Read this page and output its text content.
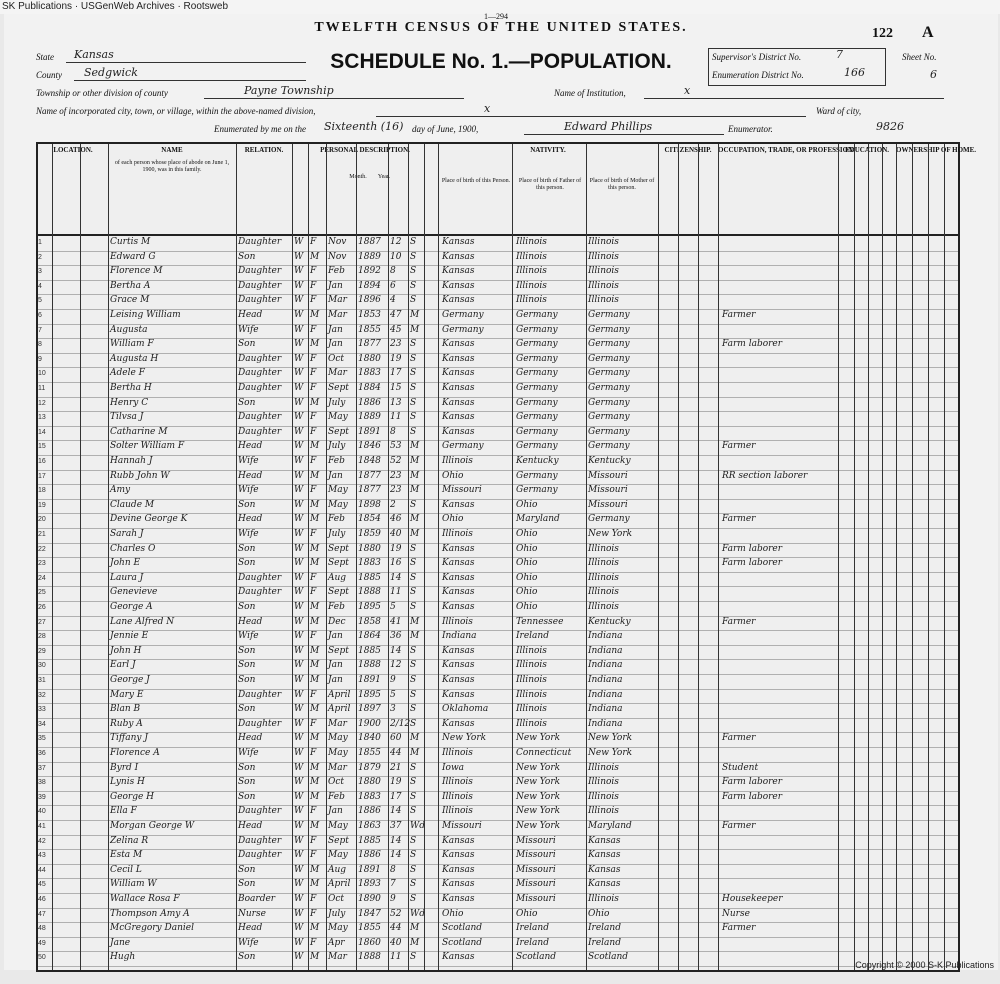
SK Publications · USGenWeb Archives · Rootsweb
1—294
TWELFTH CENSUS OF THE UNITED STATES.	122 A
SCHEDULE No. 1.—POPULATION.
State Kansas
County Sedgwick
Supervisor's District No.	7
Enumeration District No.	166
Sheet No.
6
Township or other division of county	Payne Township	Name of Institution,	x
Name of incorporated city, town, or village, within the above-named division,	x	Ward of city,
9826
Enumerated by me on the Sixteenth (16) day of June, 1900,	Edward Phillips	Enumerator.
LOCATION.	NAME
of each person whose place of abode on June 1, 1900, was in this family.
RELATION.	PERSONAL DESCRIPTION.
Month.	Year.
NATIVITY.
Place of birth of this Person.	Place of birth of Father of this person.
Place of birth of Mother of this person.
CITIZENSHIP. OCCUPATION, TRADE, OR PROFESSION
EDUCATION.	OWNERSHIP OF HOME.
1	Curtis M	Daughter	W F	Nov	1887	12 S	Kansas	Illinois	Illinois
2	Edward G	Son	W M Nov	1889	10 S	Kansas	Illinois	Illinois
3	Florence M	Daughter	W F	Feb	1892	8	S	Kansas	Illinois	Illinois
4	Bertha A	Daughter	W F	Jan	1894	6	S	Kansas	Illinois	Illinois
5	Grace M	Daughter	W F	Mar	1896	4	S	Kansas	Illinois	Illinois
6	Leising William	Head	W M Mar	1853	47 M	Germany	Germany	Germany	Farmer
7	Augusta	Wife	W F	Jan	1855	45 M	Germany	Germany	Germany
8	William F	Son	W M Jan	1877	23 S	Kansas	Germany	Germany	Farm laborer
9	Augusta H	Daughter	W F	Oct	1880	19 S	Kansas	Germany	Germany
10	Adele F	Daughter	W F	Mar	1883	17 S	Kansas	Germany	Germany
11	Bertha H	Daughter	W F	Sept	1884	15 S	Kansas	Germany	Germany
12	Henry C	Son	W M July	1886	13 S	Kansas	Germany	Germany
13	Tilvsa J	Daughter	W F	May	1889	11 S	Kansas	Germany	Germany
14	Catharine M	Daughter	W F	Sept	1891	8	S	Kansas	Germany	Germany
15	Solter William F	Head	W M July	1846	53 M	Germany	Germany	Germany	Farmer
16	Hannah J	Wife	W F	Feb	1848	52 M	Illinois	Kentucky	Kentucky
17	Rubb John W	Head	W M Jan	1877	23 M	Ohio	Germany	Missouri	RR section laborer
18	Amy	Wife	W F	May	1877	23 M	Missouri	Germany	Missouri
19	Claude M	Son	W M May	1898	2	S	Kansas	Ohio	Missouri
20	Devine George K	Head	W M Feb	1854	46 M	Ohio	Maryland	Germany	Farmer
21	Sarah J	Wife	W F	July	1859	40 M	Illinois	Ohio	New York
22	Charles O	Son	W M Sept	1880	19 S	Kansas	Ohio	Illinois	Farm laborer
23	John E	Son	W M Sept	1883	16 S	Kansas	Ohio	Illinois	Farm laborer
24	Laura J	Daughter	W F	Aug	1885	14 S	Kansas	Ohio	Illinois
25	Genevieve	Daughter	W F	Sept	1888	11 S	Kansas	Ohio	Illinois
26	George A	Son	W M Feb	1895	5	S	Kansas	Ohio	Illinois
27	Lane Alfred N	Head	W M Dec	1858	41 M	Illinois	Tennessee	Kentucky	Farmer
28	Jennie E	Wife	W F	Jan	1864	36 M	Indiana	Ireland	Indiana
29	John H	Son	W M Sept	1885	14 S	Kansas	Illinois	Indiana
30	Earl J	Son	W M Jan	1888	12 S	Kansas	Illinois	Indiana
31	George J	Son	W M Jan	1891	9	S	Kansas	Illinois	Indiana
32	Mary E	Daughter	W F	April 1895	5	S	Kansas	Illinois	Indiana
33	Blan B	Son	W M April 1897	3	S	Oklahoma	Illinois	Indiana
34	Ruby A	Daughter	W F	Mar	1900	2/12 S	Kansas	Illinois	Indiana
35	Tiffany J	Head	W M May	1840	60 M	New York	New York	New York	Farmer
36	Florence A	Wife	W F	May	1855	44 M	Illinois	Connecticut	New York
37	Byrd I	Son	W M Mar	1879	21 S	Iowa	New York	Illinois	Student
38	Lynis H	Son	W M Oct	1880	19 S	Illinois	New York	Illinois	Farm laborer
39	George H	Son	W M Feb	1883	17 S	Illinois	New York	Illinois	Farm laborer
40	Ella F	Daughter	W F	Jan	1886	14 S	Illinois	New York	Illinois
41	Morgan George W	Head	W M May	1863	37 Wd Missouri	New York	Maryland	Farmer
42	Zelina R	Daughter	W F	Sept	1885	14 S	Kansas	Missouri	Kansas
43	Esta M	Daughter	W F	May	1886	14 S	Kansas	Missouri	Kansas
44	Cecil L	Son	W M Aug	1891	8	S	Kansas	Missouri	Kansas
45	William W	Son	W M April 1893	7	S	Kansas	Missouri	Kansas
46	Wallace Rosa F	Boarder	W F	Oct	1890	9	S	Kansas	Missouri	Illinois	Housekeeper
47	Thompson Amy A	Nurse	W F	July	1847	52 Wd Ohio	Ohio	Ohio	Nurse
48	McGregory Daniel	Head	W M May	1855	44 M	Scotland	Ireland	Ireland	Farmer
49	Jane	Wife	W F	Apr	1860	40 M	Scotland	Ireland	Ireland
50	Hugh	Son	W M Mar	1888	11 S	Kansas	Scotland	Scotland
Copyright © 2000 S-K Publications
